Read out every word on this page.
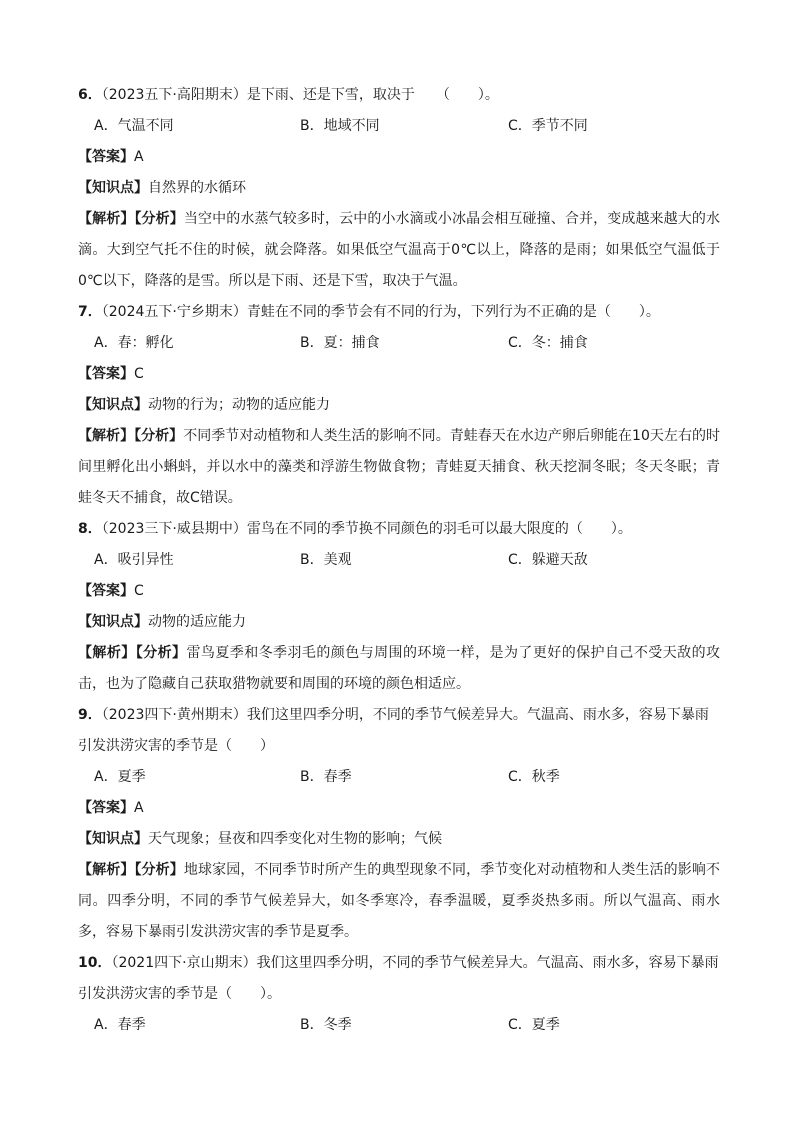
6．（2023五下·高阳期末）是下雨、还是下雪，取决于　　（　　）。
A．气温不同	B．地域不同	C．季节不同
【答案】A
【知识点】自然界的水循环
【解析】【分析】当空中的水蒸气较多时，云中的小水滴或小冰晶会相互碰撞、合并，变成越来越大的水滴。大到空气托不住的时候，就会降落。如果低空气温高于0℃以上，降落的是雨；如果低空气温低于0℃以下，降落的是雪。所以是下雨、还是下雪，取决于气温。
7．（2024五下·宁乡期末）青蛙在不同的季节会有不同的行为，下列行为不正确的是（　　）。
A．春：孵化	B．夏：捕食	C．冬：捕食
【答案】C
【知识点】动物的行为；动物的适应能力
【解析】【分析】不同季节对动植物和人类生活的影响不同。青蛙春天在水边产卵后卵能在10天左右的时间里孵化出小蝌蚪，并以水中的藻类和浮游生物做食物；青蛙夏天捕食、秋天挖洞冬眠；冬天冬眠；青蛙冬天不捕食，故C错误。
8．（2023三下·威县期中）雷鸟在不同的季节换不同颜色的羽毛可以最大限度的（　　）。
A．吸引异性	B．美观	C．躲避天敌
【答案】C
【知识点】动物的适应能力
【解析】【分析】雷鸟夏季和冬季羽毛的颜色与周围的环境一样，是为了更好的保护自己不受天敌的攻击，也为了隐藏自己获取猎物就要和周围的环境的颜色相适应。
9．（2023四下·黄州期末）我们这里四季分明，不同的季节气候差异大。气温高、雨水多，容易下暴雨引发洪涝灾害的季节是（　　）
A．夏季	B．春季	C．秋季
【答案】A
【知识点】天气现象；昼夜和四季变化对生物的影响；气候
【解析】【分析】地球家园，不同季节时所产生的典型现象不同，季节变化对动植物和人类生活的影响不同。四季分明，不同的季节气候差异大，如冬季寒冷，春季温暖，夏季炎热多雨。所以气温高、雨水多，容易下暴雨引发洪涝灾害的季节是夏季。
10．（2021四下·京山期末）我们这里四季分明，不同的季节气候差异大。气温高、雨水多，容易下暴雨引发洪涝灾害的季节是（　　）。
A．春季	B．冬季	C．夏季
